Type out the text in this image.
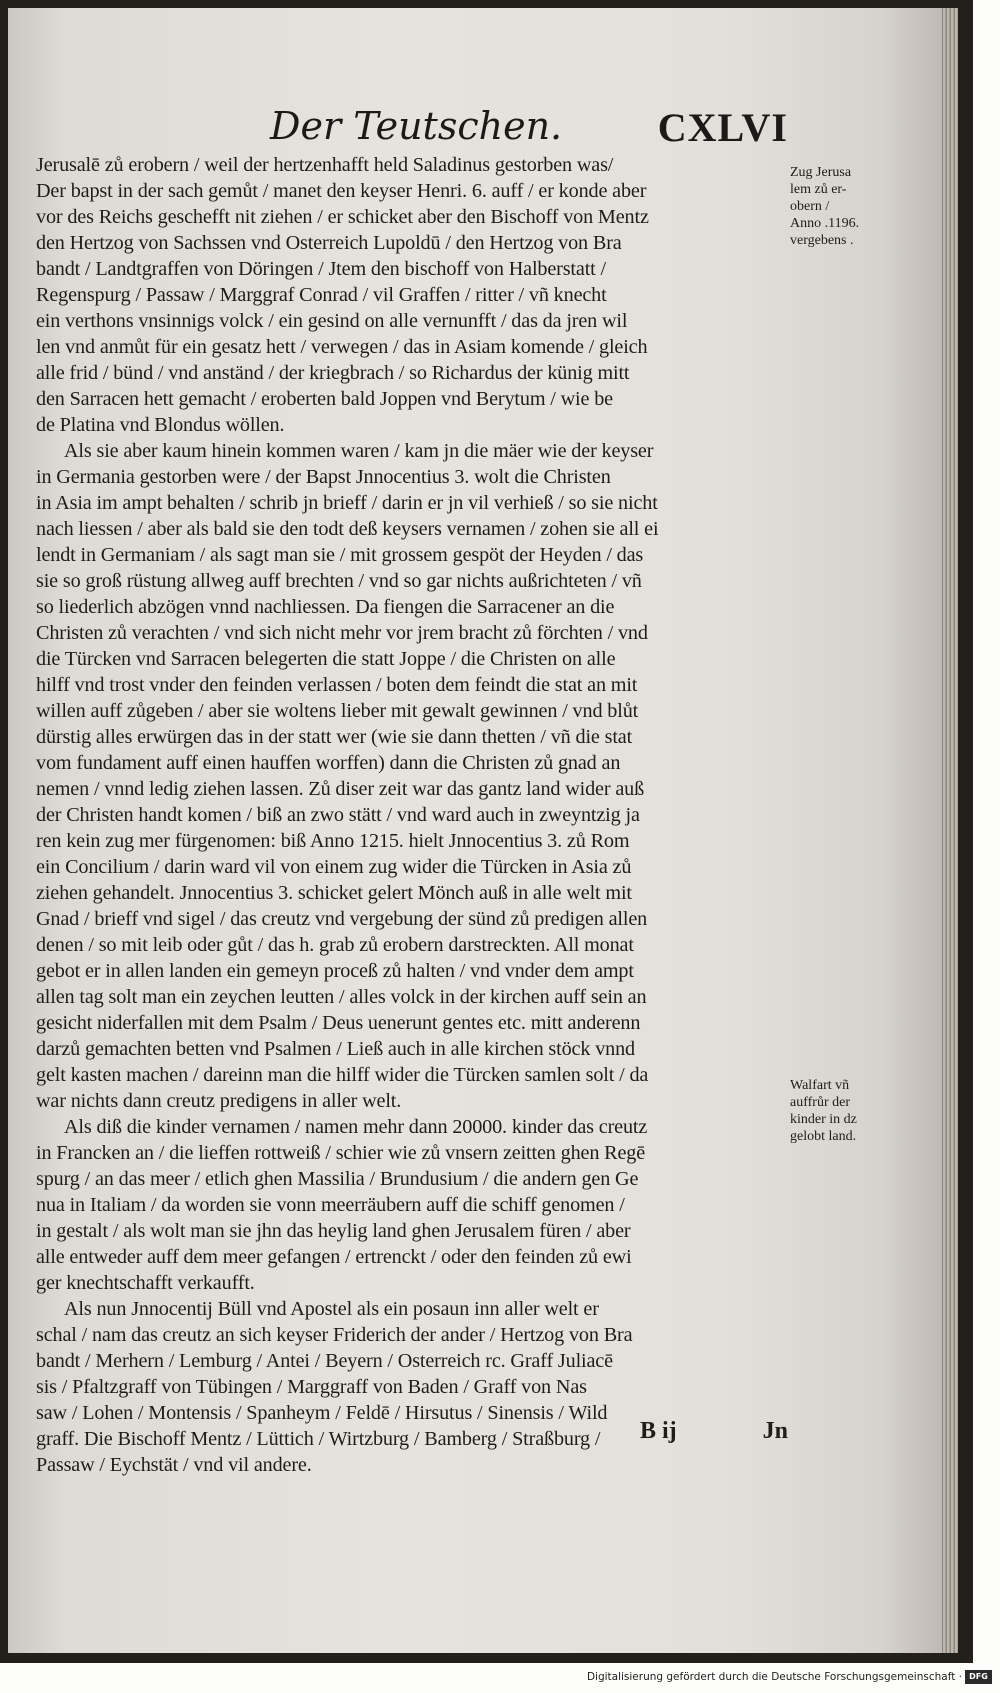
Der Teutschen. CXLVI
Jerusalē zů erobern / weil der hertzenhafft held Saladinus gestorben was/
Der bapst in der sach gemůt / manet den keyser Henri. 6. auff / er konde aber
vor des Reichs geschefft nit ziehen / er schicket aber den Bischoff von Mentz
den Hertzog von Sachssen vnd Osterreich Lupoldū / den Hertzog von Bra
bandt / Landtgraffen von Döringen / Jtem den bischoff von Halberstatt /
Regenspurg / Passaw / Marggraf Conrad / vil Graffen / ritter / vñ knecht
ein verthons vnsinnigs volck / ein gesind on alle vernunfft / das da jren wil
len vnd anmůt für ein gesatz hett / verwegen / das in Asiam komende / gleich
alle frid / bünd / vnd anständ / der kriegbrach / so Richardus der künig mitt
den Sarracen hett gemacht / eroberten bald Joppen vnd Berytum / wie be
de Platina vnd Blondus wöllen.
Als sie aber kaum hinein kommen waren / kam jn die mäer wie der keyser
in Germania gestorben were / der Bapst Jnnocentius 3. wolt die Christen
in Asia im ampt behalten / schrib jn brieff / darin er jn vil verhieß / so sie nicht
nach liessen / aber als bald sie den todt deß keysers vernamen / zohen sie all ei
lendt in Germaniam / als sagt man sie / mit grossem gespöt der Heyden / das
sie so groß rüstung allweg auff brechten / vnd so gar nichts außrichteten / vñ
so liederlich abzögen vnnd nachliessen. Da fiengen die Sarracener an die
Christen zů verachten / vnd sich nicht mehr vor jrem bracht zů förchten / vnd
die Türcken vnd Sarracen belegerten die statt Joppe / die Christen on alle
hilff vnd trost vnder den feinden verlassen / boten dem feindt die stat an mit
willen auff zůgeben / aber sie woltens lieber mit gewalt gewinnen / vnd blůt
dürstig alles erwürgen das in der statt wer (wie sie dann thetten / vñ die stat
vom fundament auff einen hauffen worffen) dann die Christen zů gnad an
nemen / vnnd ledig ziehen lassen. Zů diser zeit war das gantz land wider auß
der Christen handt komen / biß an zwo stätt / vnd ward auch in zweyntzig ja
ren kein zug mer fürgenomen: biß Anno 1215. hielt Jnnocentius 3. zů Rom
ein Concilium / darin ward vil von einem zug wider die Türcken in Asia zů
ziehen gehandelt. Jnnocentius 3. schicket gelert Mönch auß in alle welt mit
Gnad / brieff vnd sigel / das creutz vnd vergebung der sünd zů predigen allen
denen / so mit leib oder gůt / das h. grab zů erobern darstreckten. All monat
gebot er in allen landen ein gemeyn proceß zů halten / vnd vnder dem ampt
allen tag solt man ein zeychen leutten / alles volck in der kirchen auff sein an
gesicht niderfallen mit dem Psalm / Deus uenerunt gentes etc. mitt anderenn
darzů gemachten betten vnd Psalmen / Ließ auch in alle kirchen stöck vnnd
gelt kasten machen / dareinn man die hilff wider die Türcken samlen solt / da
war nichts dann creutz predigens in aller welt.
Als diß die kinder vernamen / namen mehr dann 20000. kinder das creutz
in Francken an / die lieffen rottweiß / schier wie zů vnsern zeitten ghen Regē
spurg / an das meer / etlich ghen Massilia / Brundusium / die andern gen Ge
nua in Italiam / da worden sie vonn meerräubern auff die schiff genomen /
in gestalt / als wolt man sie jhn das heylig land ghen Jerusalem füren / aber
alle entweder auff dem meer gefangen / ertrenckt / oder den feinden zů ewi
ger knechtschafft verkaufft.
Als nun Jnnocentij Büll vnd Apostel als ein posaun inn aller welt er
schal / nam das creutz an sich keyser Friderich der ander / Hertzog von Bra
bandt / Merhern / Lemburg / Antei / Beyern / Osterreich rc. Graff Juliacē
sis / Pfaltzgraff von Tübingen / Marggraff von Baden / Graff von Nas
saw / Lohen / Montensis / Spanheym / Feldē / Hirsutus / Sinensis / Wild
graff. Die Bischoff Mentz / Lüttich / Wirtzburg / Bamberg / Straßburg /
Passaw / Eychstät / vnd vil andere.
Zug Jerusa
lem zů er-
obern /
Anno .1196.
vergebens .
Walfart vñ
auffrůr der
kinder in dz
gelobt land.
B ij	Jn
Digitalisierung gefördert durch die Deutsche Forschungsgemeinschaft · DFG
